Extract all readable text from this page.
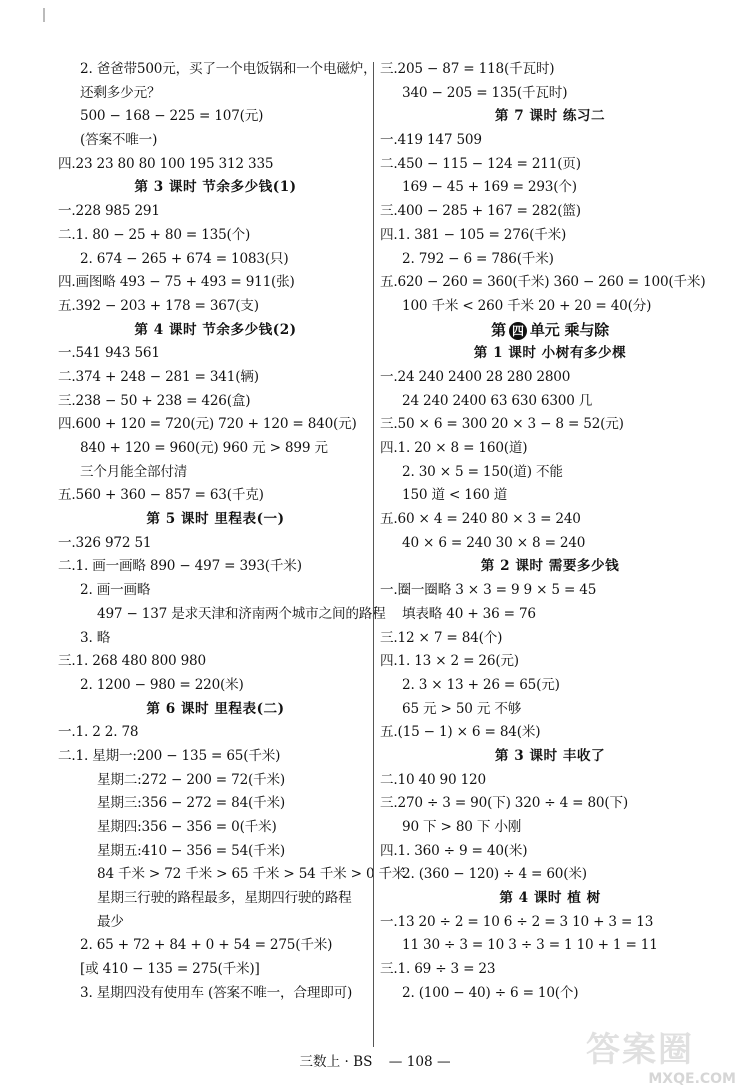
2. 爸爸带500元，买了一个电饭锅和一个电磁炉，
还剩多少元？
500 − 168 − 225 = 107(元)
(答案不唯一)
四.23 23 80 80 100 195 312 335
第 3 课时 节余多少钱(1)
一.228 985 291
二.1. 80 − 25 + 80 = 135(个)
2. 674 − 265 + 674 = 1083(只)
四.画图略 493 − 75 + 493 = 911(张)
五.392 − 203 + 178 = 367(支)
第 4 课时 节余多少钱(2)
一.541 943 561
二.374 + 248 − 281 = 341(辆)
三.238 − 50 + 238 = 426(盒)
四.600 + 120 = 720(元) 720 + 120 = 840(元)
840 + 120 = 960(元) 960 元 > 899 元
三个月能全部付清
五.560 + 360 − 857 = 63(千克)
第 5 课时 里程表(一)
一.326 972 51
二.1. 画一画略 890 − 497 = 393(千米)
2. 画一画略
497 − 137 是求天津和济南两个城市之间的路程
3. 略
三.1. 268 480 800 980
2. 1200 − 980 = 220(米)
第 6 课时 里程表(二)
一.1. 2 2. 78
二.1. 星期一:200 − 135 = 65(千米)
星期二:272 − 200 = 72(千米)
星期三:356 − 272 = 84(千米)
星期四:356 − 356 = 0(千米)
星期五:410 − 356 = 54(千米)
84 千米 > 72 千米 > 65 千米 > 54 千米 > 0 千米
星期三行驶的路程最多，星期四行驶的路程
最少
2. 65 + 72 + 84 + 0 + 54 = 275(千米)
[或 410 − 135 = 275(千米)]
3. 星期四没有使用车 (答案不唯一，合理即可)
三.205 − 87 = 118(千瓦时)
340 − 205 = 135(千瓦时)
第 7 课时 练习二
一.419 147 509
二.450 − 115 − 124 = 211(页)
169 − 45 + 169 = 293(个)
三.400 − 285 + 167 = 282(篮)
四.1. 381 − 105 = 276(千米)
2. 792 − 6 = 786(千米)
五.620 − 260 = 360(千米) 360 − 260 = 100(千米)
100 千米 < 260 千米 20 + 20 = 40(分)
第 四 单元 乘与除
第 1 课时 小树有多少棵
一.24 240 2400 28 280 2800
24 240 2400 63 630 6300 几
三.50 × 6 = 300 20 × 3 − 8 = 52(元)
四.1. 20 × 8 = 160(道)
2. 30 × 5 = 150(道) 不能
150 道 < 160 道
五.60 × 4 = 240 80 × 3 = 240
40 × 6 = 240 30 × 8 = 240
第 2 课时 需要多少钱
一.圈一圈略 3 × 3 = 9 9 × 5 = 45
填表略 40 + 36 = 76
三.12 × 7 = 84(个)
四.1. 13 × 2 = 26(元)
2. 3 × 13 + 26 = 65(元)
65 元 > 50 元 不够
五.(15 − 1) × 6 = 84(米)
第 3 课时 丰收了
二.10 40 90 120
三.270 ÷ 3 = 90(下) 320 ÷ 4 = 80(下)
90 下 > 80 下 小刚
四.1. 360 ÷ 9 = 40(米)
2. (360 − 120) ÷ 4 = 60(米)
第 4 课时 植 树
一.13 20 ÷ 2 = 10 6 ÷ 2 = 3 10 + 3 = 13
11 30 ÷ 3 = 10 3 ÷ 3 = 1 10 + 1 = 11
三.1. 69 ÷ 3 = 23
2. (100 − 40) ÷ 6 = 10(个)
三数上 · BS — 108 —	答案圈
MXQE.COM
